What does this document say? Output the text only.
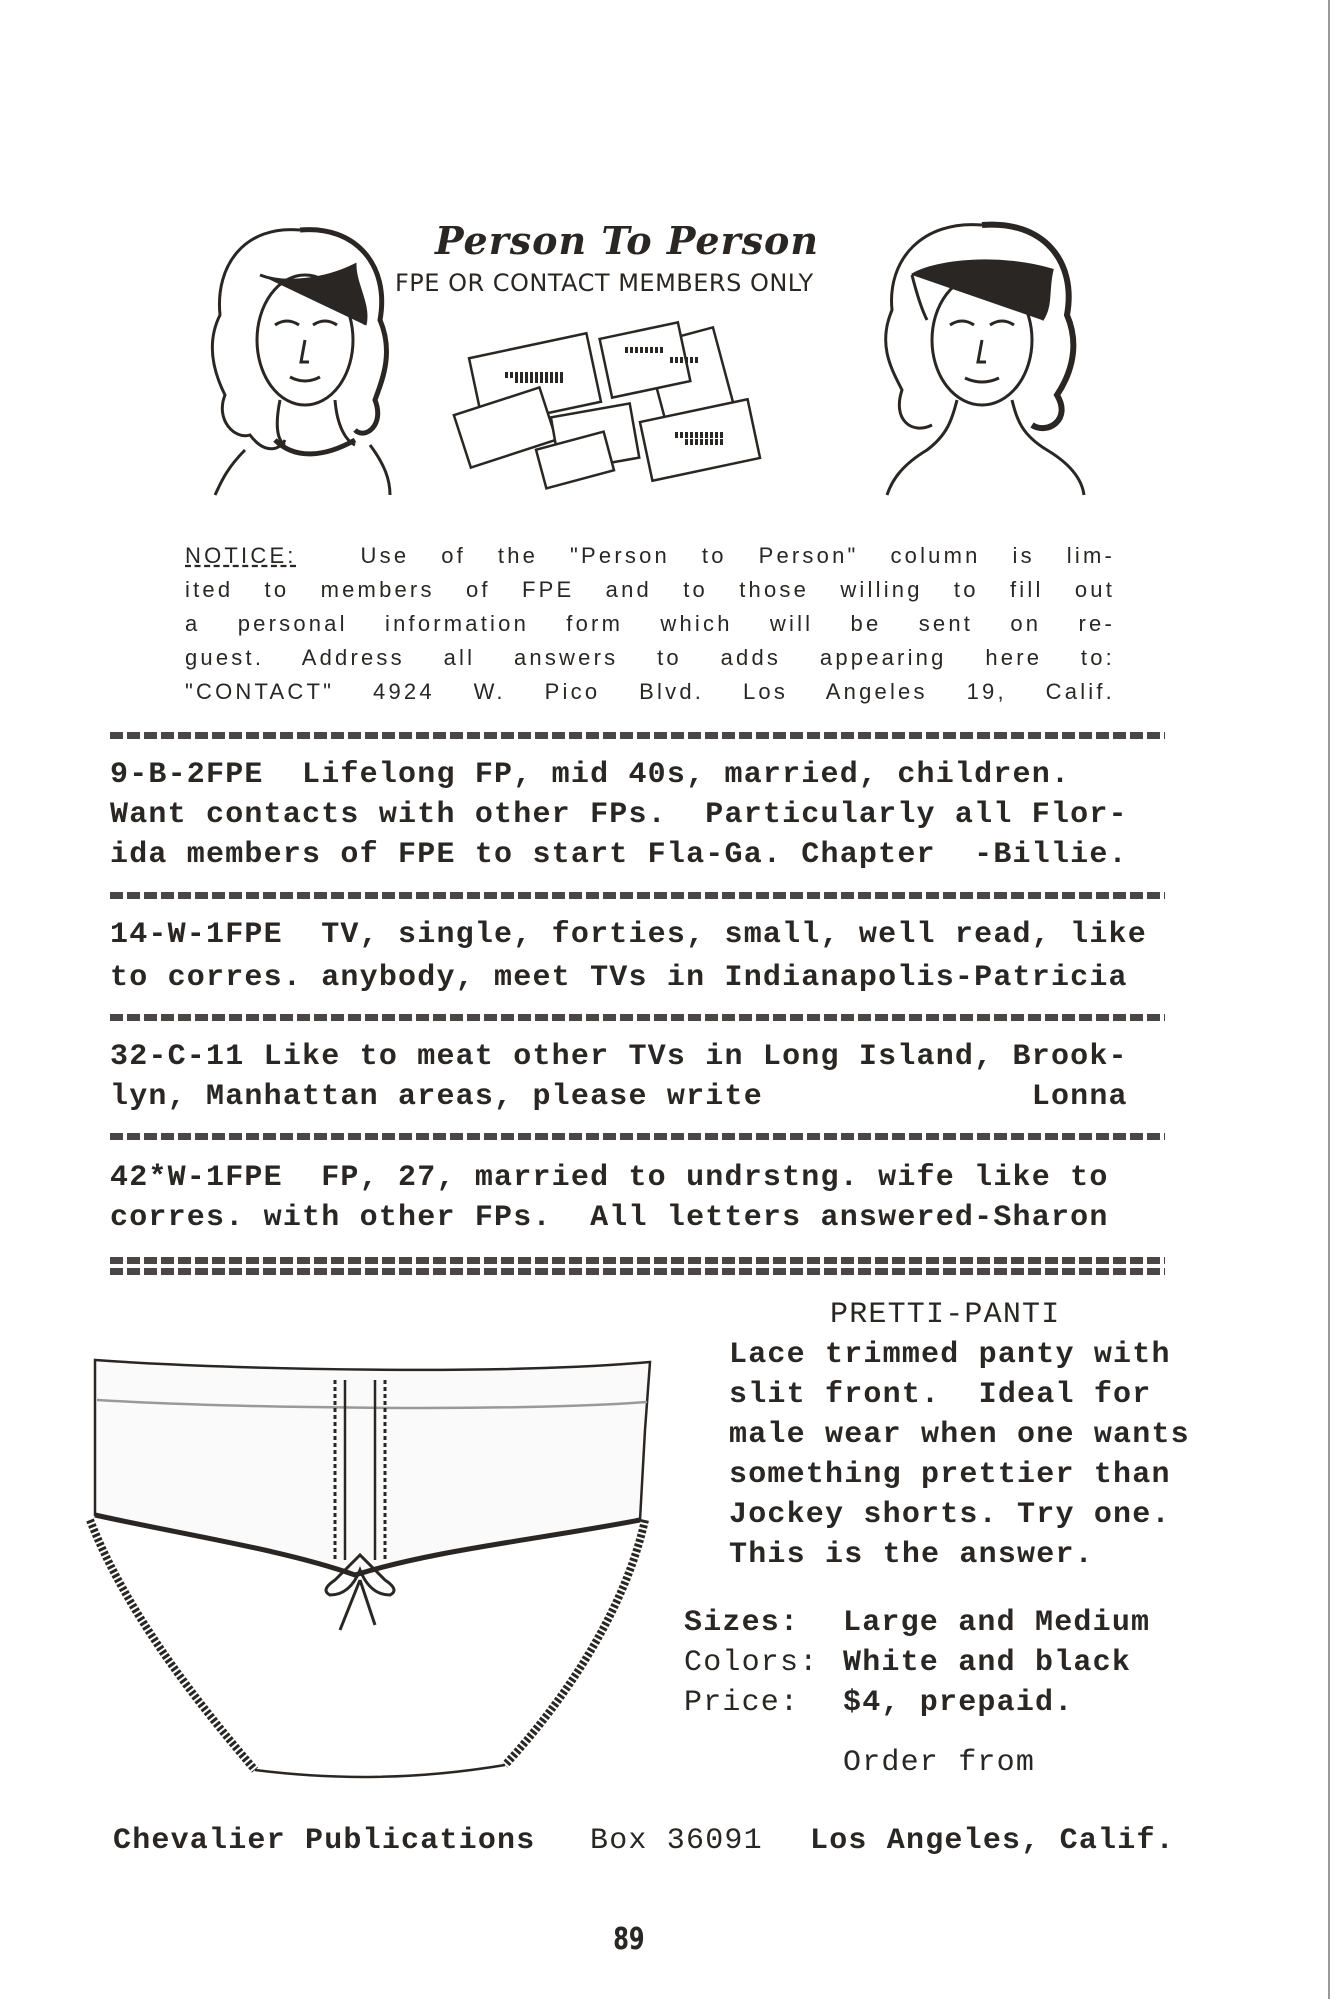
Person To Person
FPE OR CONTACT MEMBERS ONLY
NOTICE:	Use of the "Person to Person" column is lim-
ited to members of FPE and to those willing to fill out
a personal information form which will be sent on re-
guest. Address all answers to adds appearing here to:
"CONTACT" 4924 W. Pico Blvd. Los Angeles 19, Calif.
9-B-2FPE  Lifelong FP, mid 40s, married, children.
Want contacts with other FPs.  Particularly all Flor-
ida members of FPE to start Fla-Ga. Chapter  -Billie.
14-W-1FPE  TV, single, forties, small, well read, like
to corres. anybody, meet TVs in Indianapolis-Patricia
32-C-11 Like to meat other TVs in Long Island, Brook-
lyn, Manhattan areas, please write              Lonna
42*W-1FPE  FP, 27, married to undrstng. wife like to
corres. with other FPs.  All letters answered-Sharon
PRETTI-PANTI
Lace trimmed panty with
slit front.  Ideal for
male wear when one wants
something prettier than
Jockey shorts. Try one.
This is the answer.
Sizes: Large and Medium
Colors: White and black
Price: $4, prepaid.
Order from
Chevalier Publications Box 36091 Los Angeles, Calif.
89
